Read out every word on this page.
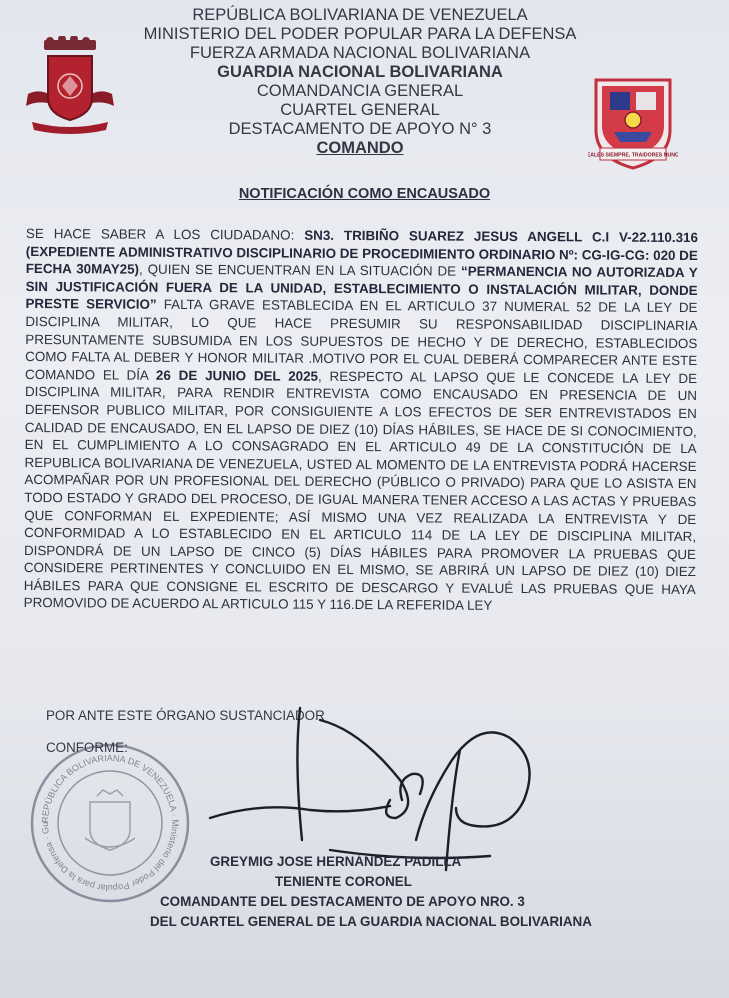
REPÚBLICA BOLIVARIANA DE VENEZUELA
MINISTERIO DEL PODER POPULAR PARA LA DEFENSA
FUERZA ARMADA NACIONAL BOLIVARIANA
GUARDIA NACIONAL BOLIVARIANA
COMANDANCIA GENERAL
CUARTEL GENERAL
DESTACAMENTO DE APOYO N° 3
COMANDO	LEALES SIEMPRE, TRAIDORES NUNCA
NOTIFICACIÓN COMO ENCAUSADO
SE HACE SABER A LOS CIUDADANO: SN3. TRIBIÑO SUAREZ JESUS ANGELL C.I V-22.110.316 (EXPEDIENTE ADMINISTRATIVO DISCIPLINARIO DE PROCEDIMIENTO ORDINARIO Nº: CG-IG-CG: 020 DE FECHA 30MAY25), QUIEN SE ENCUENTRAN EN LA SITUACIÓN DE “PERMANENCIA NO AUTORIZADA Y SIN JUSTIFICACIÓN FUERA DE LA UNIDAD, ESTABLECIMIENTO O INSTALACIÓN MILITAR, DONDE PRESTE SERVICIO” FALTA GRAVE ESTABLECIDA EN EL ARTICULO 37 NUMERAL 52 DE LA LEY DE DISCIPLINA MILITAR, LO QUE HACE PRESUMIR SU RESPONSABILIDAD DISCIPLINARIA PRESUNTAMENTE SUBSUMIDA EN LOS SUPUESTOS DE HECHO Y DE DERECHO, ESTABLECIDOS COMO FALTA AL DEBER Y HONOR MILITAR .MOTIVO POR EL CUAL DEBERÁ COMPARECER ANTE ESTE COMANDO EL DÍA 26 DE JUNIO DEL 2025, RESPECTO AL LAPSO QUE LE CONCEDE LA LEY DE DISCIPLINA MILITAR, PARA RENDIR ENTREVISTA COMO ENCAUSADO EN PRESENCIA DE UN DEFENSOR PUBLICO MILITAR, POR CONSIGUIENTE A LOS EFECTOS DE SER ENTREVISTADOS EN CALIDAD DE ENCAUSADO, EN EL LAPSO DE DIEZ (10) DÍAS HÁBILES, SE HACE DE SI CONOCIMIENTO, EN EL CUMPLIMIENTO A LO CONSAGRADO EN EL ARTICULO 49 DE LA CONSTITUCIÓN DE LA REPUBLICA BOLIVARIANA DE VENEZUELA, USTED AL MOMENTO DE LA ENTREVISTA PODRÁ HACERSE ACOMPAÑAR POR UN PROFESIONAL DEL DERECHO (PÚBLICO O PRIVADO) PARA QUE LO ASISTA EN TODO ESTADO Y GRADO DEL PROCESO, DE IGUAL MANERA TENER ACCESO A LAS ACTAS Y PRUEBAS QUE CONFORMAN EL EXPEDIENTE; ASÍ MISMO UNA VEZ REALIZADA LA ENTREVISTA Y DE CONFORMIDAD A LO ESTABLECIDO EN EL ARTICULO 114 DE LA LEY DE DISCIPLINA MILITAR, DISPONDRÁ DE UN LAPSO DE CINCO (5) DÍAS HÁBILES PARA PROMOVER LA PRUEBAS QUE CONSIDERE PERTINENTES Y CONCLUIDO EN EL MISMO, SE ABRIRÁ UN LAPSO DE DIEZ (10) DIEZ HÁBILES PARA QUE CONSIGNE EL ESCRITO DE DESCARGO Y EVALUÉ LAS PRUEBAS QUE HAYA PROMOVIDO DE ACUERDO AL ARTICULO 115 Y 116.DE LA REFERIDA LEY
POR ANTE ESTE ÓRGANO SUSTANCIADOR
REPÚBLICA BOLIVARIANA DE VENEZUELA · Ministerio del Poder Popular para la Defensa · Gu
CONFORME:
GREYMIG JOSE HERNÁNDEZ PADILLA
TENIENTE CORONEL
COMANDANTE DEL DESTACAMENTO DE APOYO NRO. 3
DEL CUARTEL GENERAL DE LA GUARDIA NACIONAL BOLIVARIANA
